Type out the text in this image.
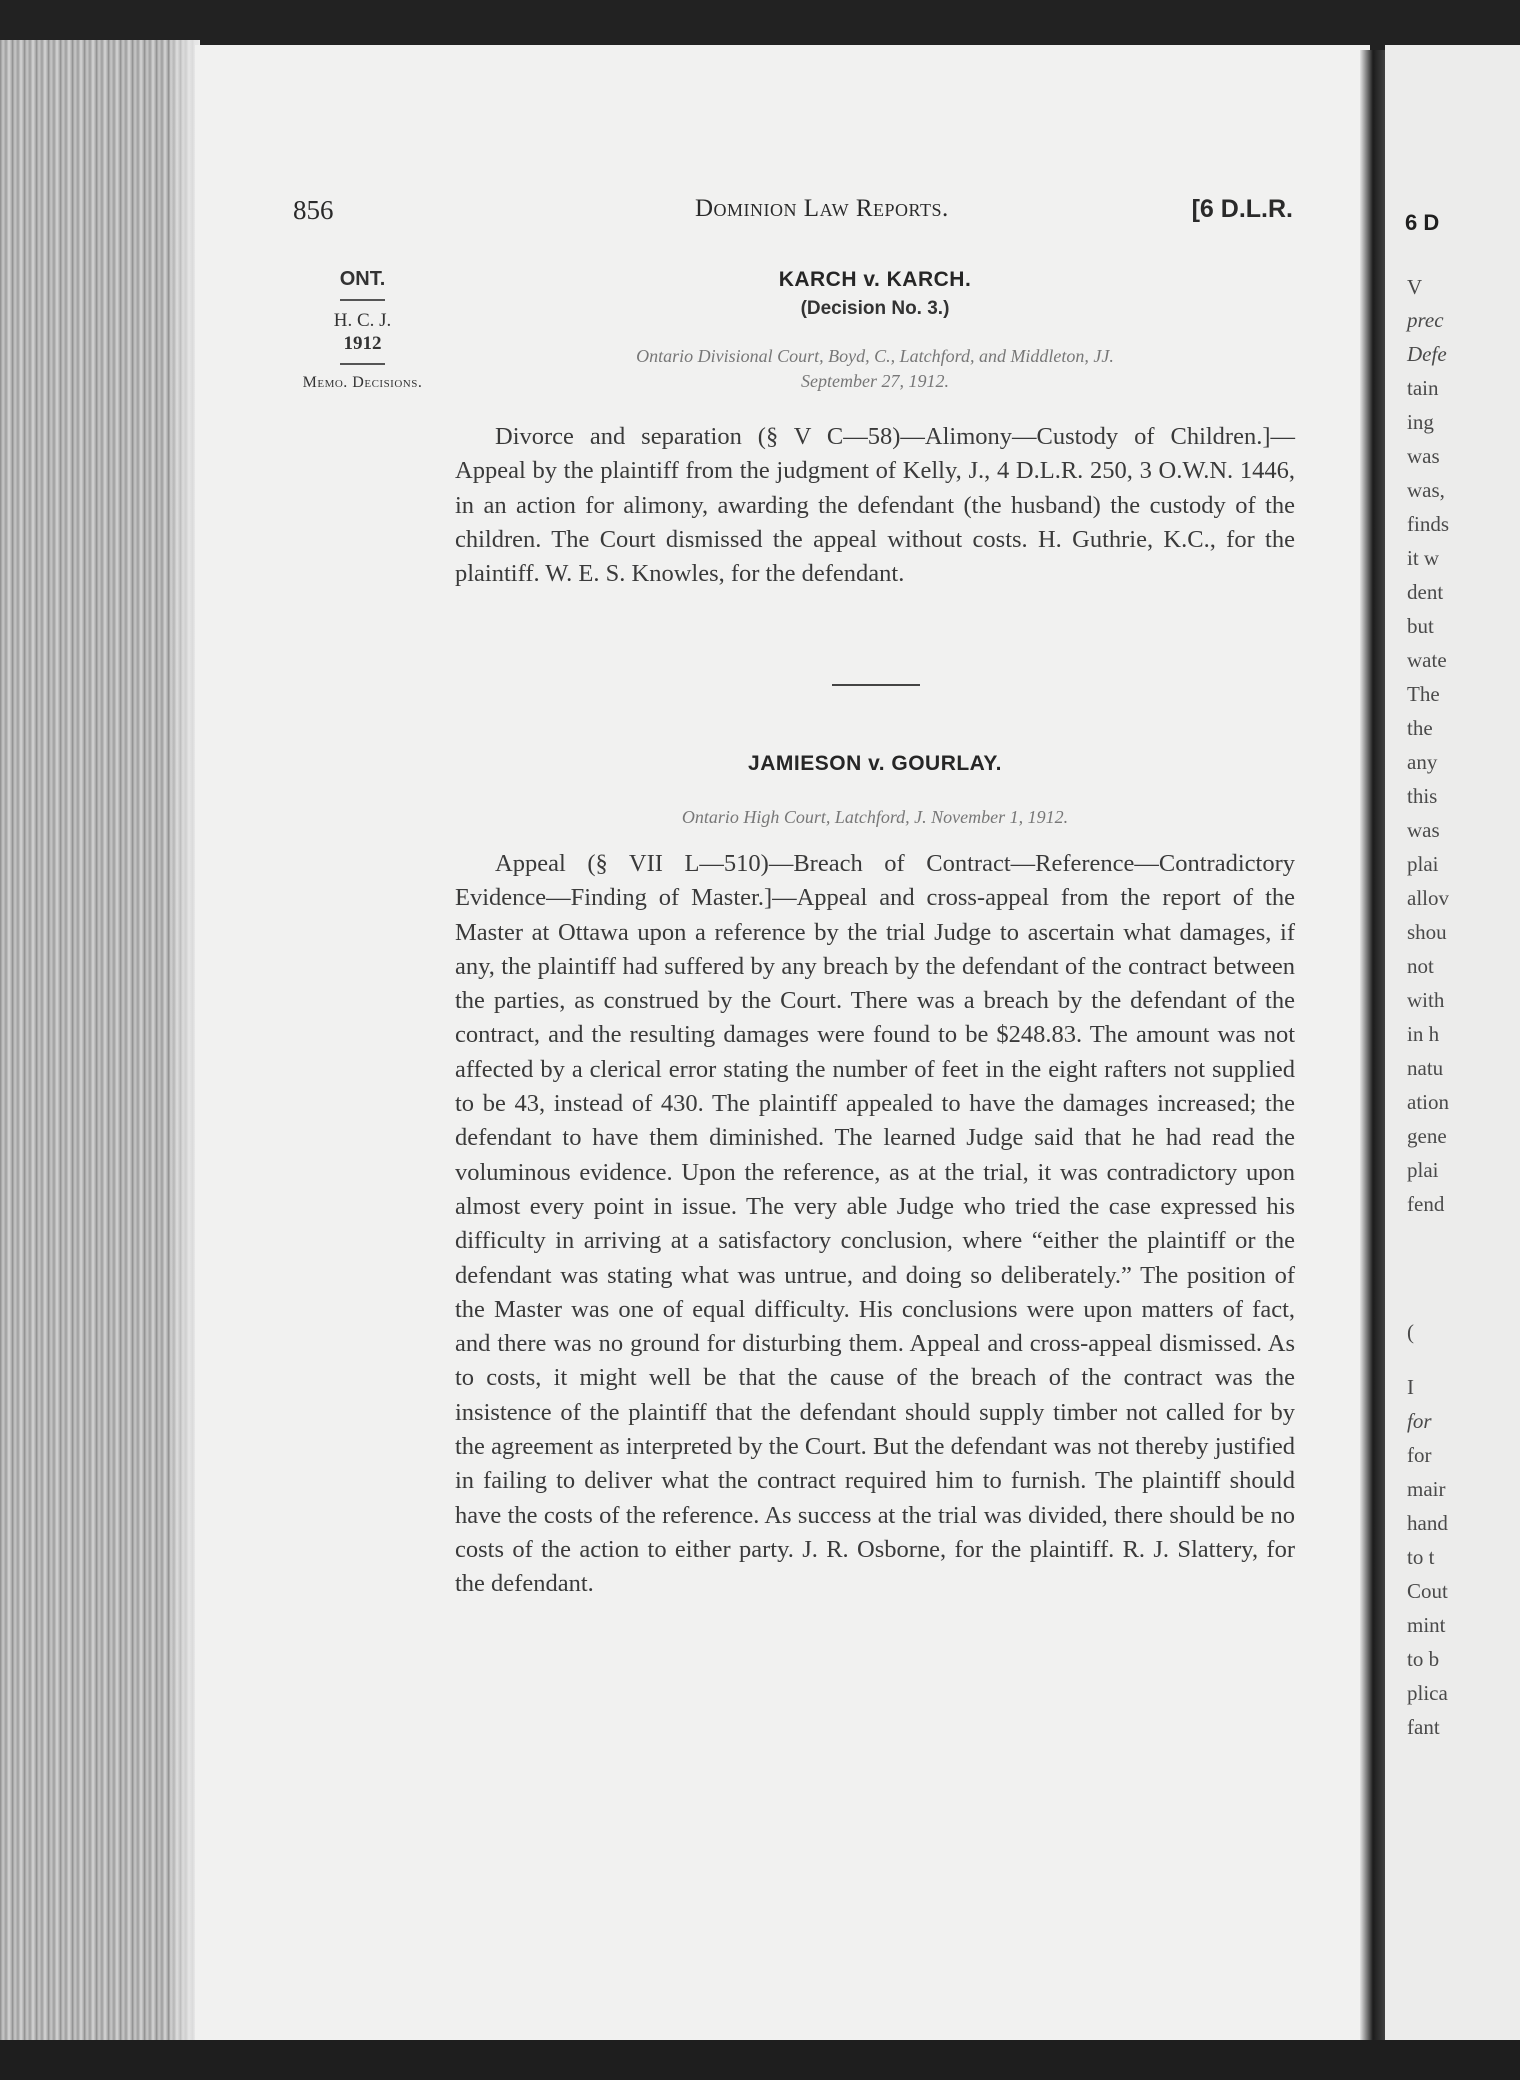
6 D
V
prec
Defe
tain
ing
was
was,
finds
it w
dent
but
wate
The
the
any
this
was
plai
allov
shou
not
with
in h
natu
ation
gene
plai
fend
(
I
for
for
mair
hand
to t
Cout
mint
to b
plica
fant
856	Dominion Law Reports.	[6 D.L.R.
ONT.
H. C. J.
1912
Memo. Decisions.
KARCH v. KARCH.
(Decision No. 3.)
Ontario Divisional Court, Boyd, C., Latchford, and Middleton, JJ.
September 27, 1912.
Divorce and separation (§ V C—58)—Alimony—Custody of Children.]—Appeal by the plaintiff from the judgment of Kelly, J., 4 D.L.R. 250, 3 O.W.N. 1446, in an action for alimony, awarding the defendant (the husband) the custody of the children. The Court dismissed the appeal without costs. H. Guthrie, K.C., for the plaintiff. W. E. S. Knowles, for the defendant.
JAMIESON v. GOURLAY.
Ontario High Court, Latchford, J. November 1, 1912.
Appeal (§ VII L—510)—Breach of Contract—Reference—Contradictory Evidence—Finding of Master.]—Appeal and cross-appeal from the report of the Master at Ottawa upon a reference by the trial Judge to ascertain what damages, if any, the plaintiff had suffered by any breach by the defendant of the contract between the parties, as construed by the Court. There was a breach by the defendant of the contract, and the resulting damages were found to be $248.83. The amount was not affected by a clerical error stating the number of feet in the eight rafters not supplied to be 43, instead of 430. The plaintiff appealed to have the damages increased; the defendant to have them diminished. The learned Judge said that he had read the voluminous evidence. Upon the reference, as at the trial, it was contradictory upon almost every point in issue. The very able Judge who tried the case expressed his difficulty in arriving at a satisfactory conclusion, where “either the plaintiff or the defendant was stating what was untrue, and doing so deliberately.” The position of the Master was one of equal difficulty. His conclusions were upon matters of fact, and there was no ground for disturbing them. Appeal and cross-appeal dismissed. As to costs, it might well be that the cause of the breach of the contract was the insistence of the plaintiff that the defendant should supply timber not called for by the agreement as interpreted by the Court. But the defendant was not thereby justified in failing to deliver what the contract required him to furnish. The plaintiff should have the costs of the reference. As success at the trial was divided, there should be no costs of the action to either party. J. R. Osborne, for the plaintiff. R. J. Slattery, for the defendant.
